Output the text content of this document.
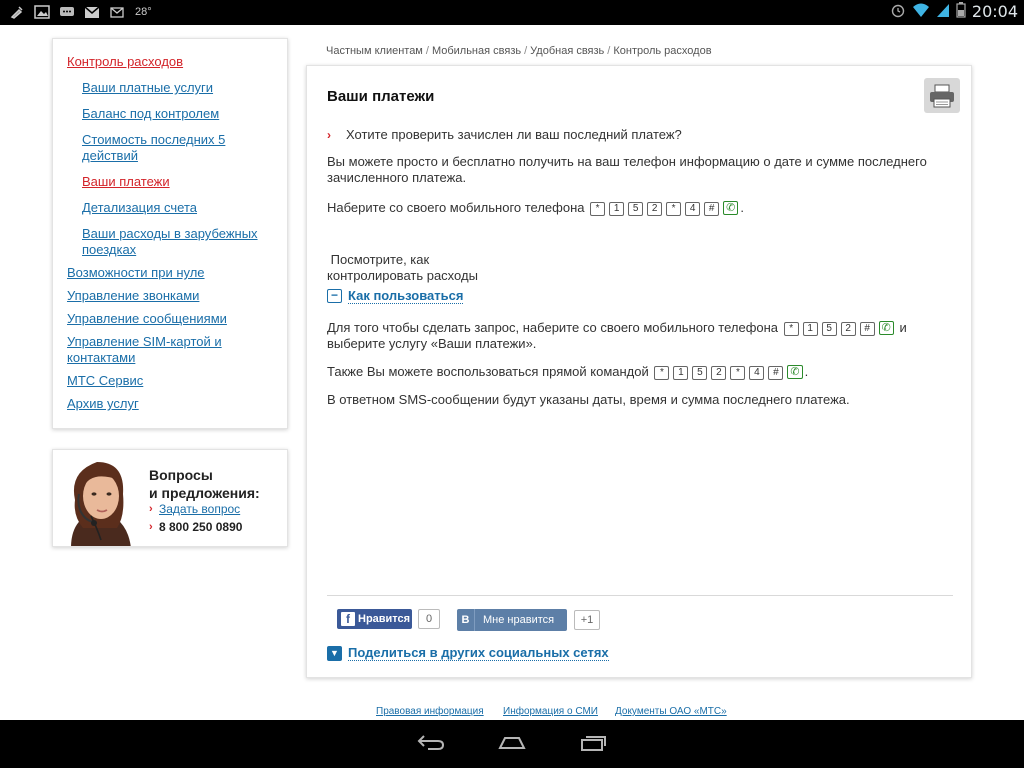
28°	20:04
Контроль расходов
Ваши платные услуги
Баланс под контролем
Стоимость последних 5
действий
Ваши платежи
Детализация счета
Ваши расходы в зарубежных
поездках
Возможности при нуле
Управление звонками
Управление сообщениями
Управление SIM-картой и
контактами
МТС Сервис
Архив услуг
Вопросы
и предложения:
› Задать вопрос
› 8 800 250 0890
Частным клиентам / Мобильная связь / Удобная связь / Контроль расходов
Ваши платежи
› Хотите проверить зачислен ли ваш последний платеж?
Вы можете просто и бесплатно получить на ваш телефон информацию о дате и сумме последнего
зачисленного платежа.
Наберите со своего мобильного телефона * 1 5 2 * 4 # ✆ .
Посмотрите, как
контролировать расходы
− Как пользоваться
Для того чтобы сделать запрос, наберите со своего мобильного телефона * 1 5 2 # ✆ и
выберите услугу «Ваши платежи».
Также Вы можете воспользоваться прямой командой * 1 5 2 * 4 # ✆ .
В ответном SMS-сообщении будут указаны даты, время и сумма последнего платежа.
f Нравится	0	В Мне нравится	+1
▼ Поделиться в других социальных сетях
Правовая информация Информация о СМИ Документы ОАО «МТС»
